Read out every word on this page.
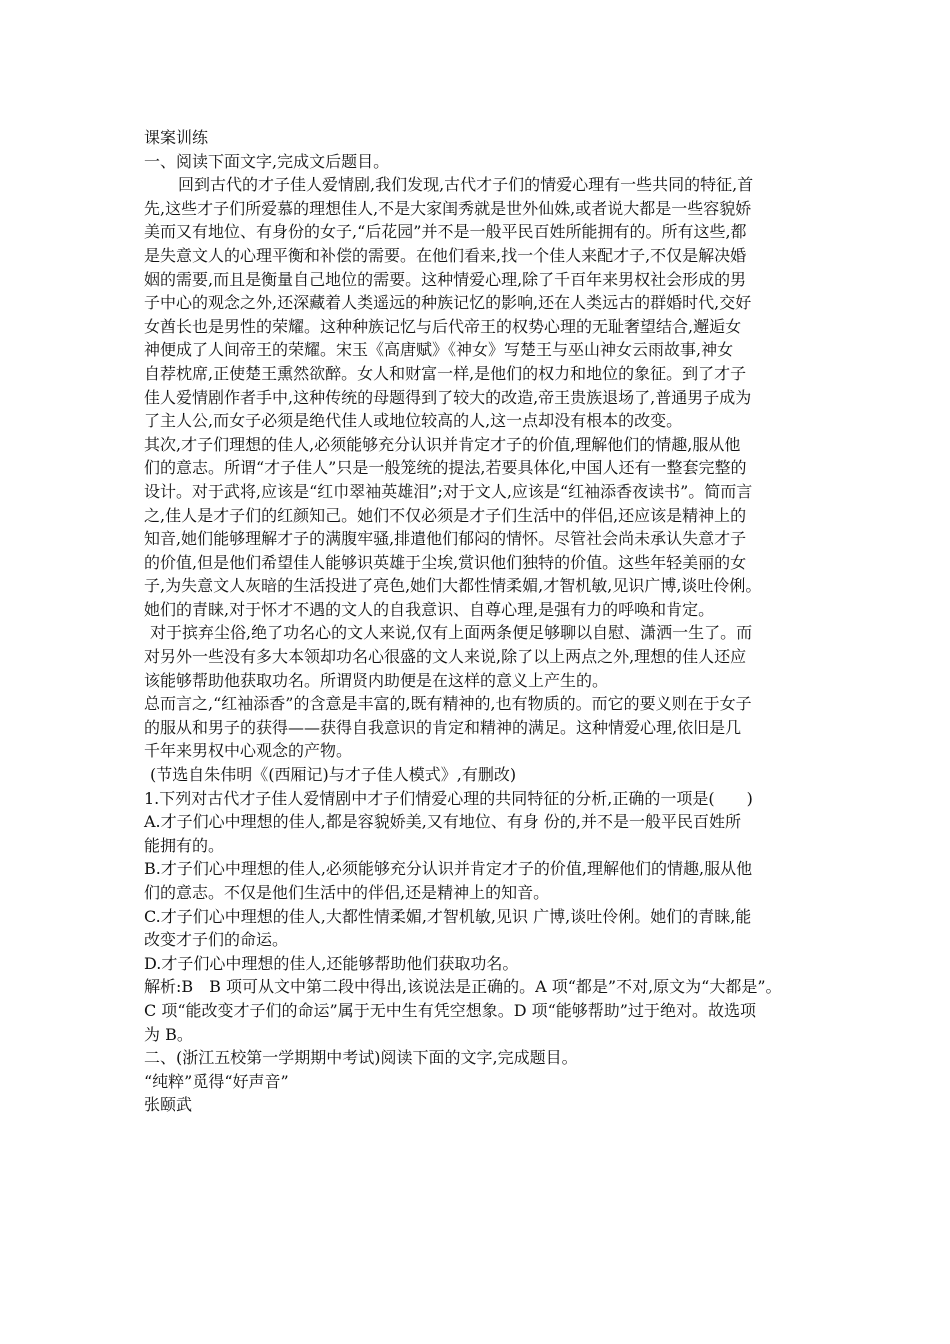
课案训练
一、阅读下面文字,完成文后题目。
回到古代的才子佳人爱情剧,我们发现,古代才子们的情爱心理有一些共同的特征,首
先,这些才子们所爱慕的理想佳人,不是大家闺秀就是世外仙姝,或者说大都是一些容貌娇
美而又有地位、有身份的女子,“后花园”并不是一般平民百姓所能拥有的。所有这些,都
是失意文人的心理平衡和补偿的需要。在他们看来,找一个佳人来配才子,不仅是解决婚
姻的需要,而且是衡量自己地位的需要。这种情爱心理,除了千百年来男权社会形成的男
子中心的观念之外,还深藏着人类遥远的种族记忆的影响,还在人类远古的群婚时代,交好
女酋长也是男性的荣耀。这种种族记忆与后代帝王的权势心理的无耻奢望结合,邂逅女
神便成了人间帝王的荣耀。宋玉《高唐赋》《神女》写楚王与巫山神女云雨故事,神女
自荐枕席,正使楚王熏然欲醉。女人和财富一样,是他们的权力和地位的象征。到了才子
佳人爱情剧作者手中,这种传统的母题得到了较大的改造,帝王贵族退场了,普通男子成为
了主人公,而女子必须是绝代佳人或地位较高的人,这一点却没有根本的改变。
其次,才子们理想的佳人,必须能够充分认识并肯定才子的价值,理解他们的情趣,服从他
们的意志。所谓“才子佳人”只是一般笼统的提法,若要具体化,中国人还有一整套完整的
设计。对于武将,应该是“红巾翠袖英雄泪”;对于文人,应该是“红袖添香夜读书”。简而言
之,佳人是才子们的红颜知己。她们不仅必须是才子们生活中的伴侣,还应该是精神上的
知音,她们能够理解才子的满腹牢骚,排遣他们郁闷的情怀。尽管社会尚未承认失意才子
的价值,但是他们希望佳人能够识英雄于尘埃,赏识他们独特的价值。这些年轻美丽的女
子,为失意文人灰暗的生活投进了亮色,她们大都性情柔媚,才智机敏,见识广博,谈吐伶俐。
她们的青睐,对于怀才不遇的文人的自我意识、自尊心理,是强有力的呼唤和肯定。
对于摈弃尘俗,绝了功名心的文人来说,仅有上面两条便足够聊以自慰、潇洒一生了。而
对另外一些没有多大本领却功名心很盛的文人来说,除了以上两点之外,理想的佳人还应
该能够帮助他获取功名。所谓贤内助便是在这样的意义上产生的。
总而言之,“红袖添香”的含意是丰富的,既有精神的,也有物质的。而它的要义则在于女子
的服从和男子的获得——获得自我意识的肯定和精神的满足。这种情爱心理,依旧是几
千年来男权中心观念的产物。
(节选自朱伟明《(西厢记)与才子佳人模式》,有删改)
1.下列对古代才子佳人爱情剧中才子们情爱心理的共同特征的分析,正确的一项是(　　)
A.才子们心中理想的佳人,都是容貌娇美,又有地位、有身 份的,并不是一般平民百姓所
能拥有的。
B.才子们心中理想的佳人,必须能够充分认识并肯定才子的价值,理解他们的情趣,服从他
们的意志。不仅是他们生活中的伴侣,还是精神上的知音。
C.才子们心中理想的佳人,大都性情柔媚,才智机敏,见识 广博,谈吐伶俐。她们的青睐,能
改变才子们的命运。
D.才子们心中理想的佳人,还能够帮助他们获取功名。
解析:B　B 项可从文中第二段中得出,该说法是正确的。A 项“都是”不对,原文为“大都是”。
C 项“能改变才子们的命运”属于无中生有凭空想象。D 项“能够帮助”过于绝对。故选项
为 B。
二、(浙江五校第一学期期中考试)阅读下面的文字,完成题目。
“纯粹”觅得“好声音”
张颐武
